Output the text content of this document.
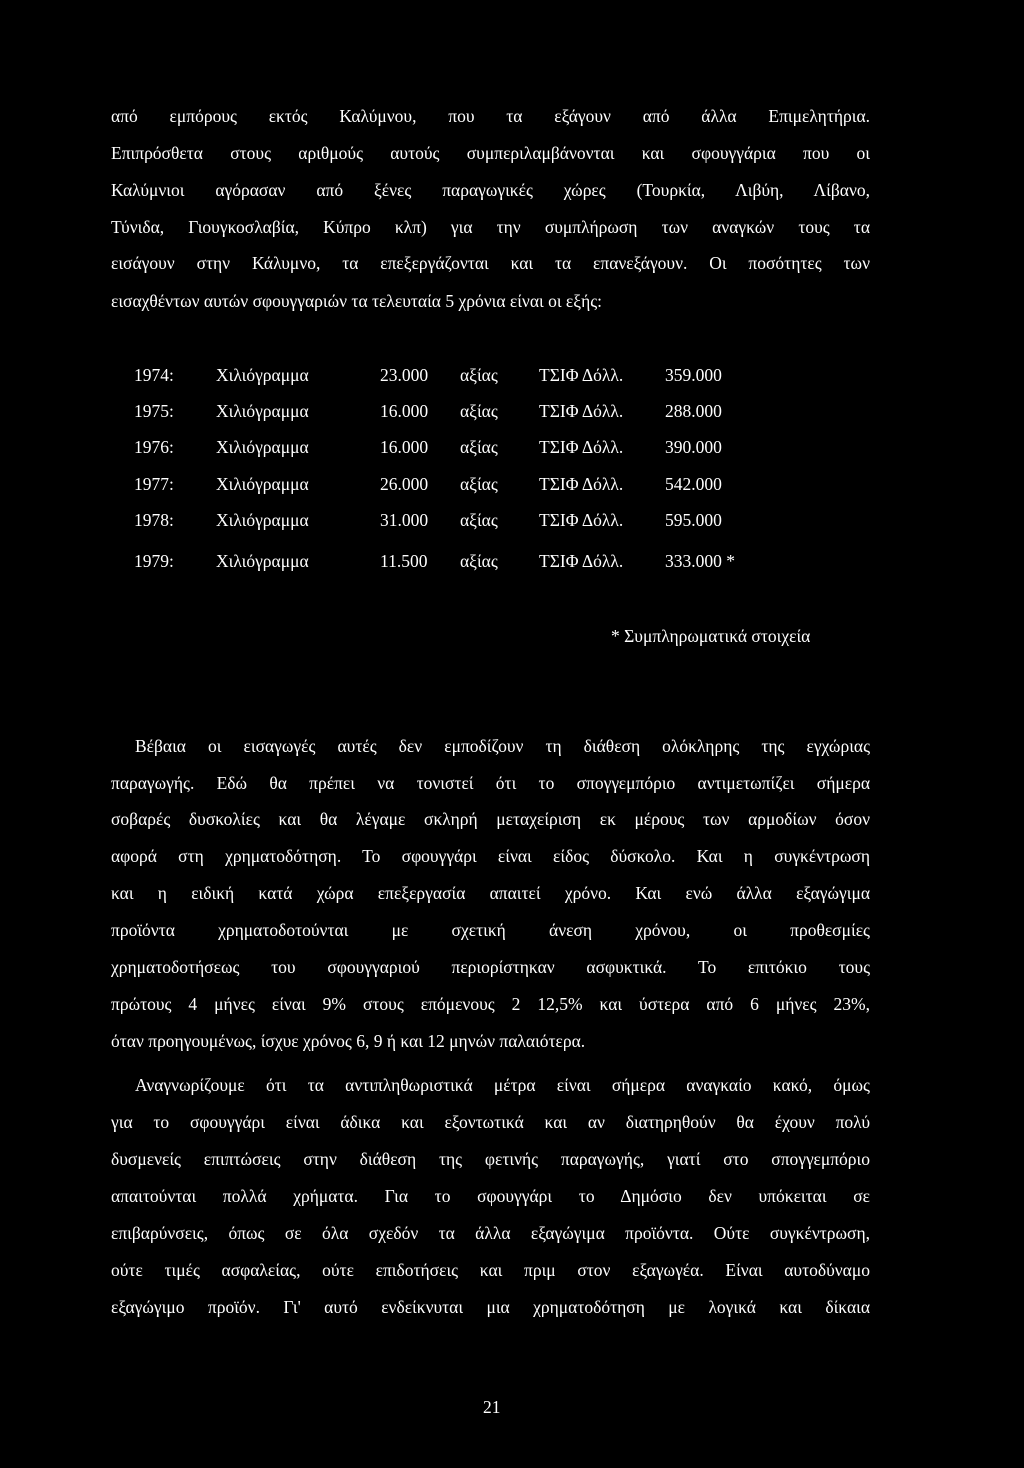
από εμπόρους εκτός Καλύμνου, που τα εξάγουν από άλλα Επιμελητήρια.
Επιπρόσθετα στους αριθμούς αυτούς συμπεριλαμβάνονται και σφουγγάρια που οι
Καλύμνιοι αγόρασαν από ξένες παραγωγικές χώρες (Τουρκία, Λιβύη, Λίβανο,
Τύνιδα, Γιουγκοσλαβία, Κύπρο κλπ) για την συμπλήρωση των αναγκών τους τα
εισάγουν στην Κάλυμνο, τα επεξεργάζονται και τα επανεξάγουν. Οι ποσότητες των
εισαχθέντων αυτών σφουγγαριών τα τελευταία 5 χρόνια είναι οι εξής:
1974: Χιλιόγραμμα	23.000 αξίας ΤΣΙΦ Δόλλ. 359.000
1975: Χιλιόγραμμα	16.000 αξίας ΤΣΙΦ Δόλλ. 288.000
1976: Χιλιόγραμμα	16.000 αξίας ΤΣΙΦ Δόλλ. 390.000
1977: Χιλιόγραμμα	26.000 αξίας ΤΣΙΦ Δόλλ. 542.000
1978: Χιλιόγραμμα	31.000 αξίας ΤΣΙΦ Δόλλ. 595.000
1979: Χιλιόγραμμα	11.500 αξίας ΤΣΙΦ Δόλλ. 333.000 *
* Συμπληρωματικά στοιχεία
Βέβαια οι εισαγωγές αυτές δεν εμποδίζουν τη διάθεση ολόκληρης της εγχώριας
παραγωγής. Εδώ θα πρέπει να τονιστεί ότι το σπογγεμπόριο αντιμετωπίζει σήμερα
σοβαρές δυσκολίες και θα λέγαμε σκληρή μεταχείριση εκ μέρους των αρμοδίων όσον
αφορά στη χρηματοδότηση. Το σφουγγάρι είναι είδος δύσκολο. Και η συγκέντρωση
και η ειδική κατά χώρα επεξεργασία απαιτεί χρόνο. Και ενώ άλλα εξαγώγιμα
προϊόντα χρηματοδοτούνται με σχετική άνεση χρόνου, οι προθεσμίες
χρηματοδοτήσεως του σφουγγαριού περιορίστηκαν ασφυκτικά. Το επιτόκιο τους
πρώτους 4 μήνες είναι 9% στους επόμενους 2 12,5% και ύστερα από 6 μήνες 23%,
όταν προηγουμένως, ίσχυε χρόνος 6, 9 ή και 12 μηνών παλαιότερα.
Αναγνωρίζουμε ότι τα αντιπληθωριστικά μέτρα είναι σήμερα αναγκαίο κακό, όμως
για το σφουγγάρι είναι άδικα και εξοντωτικά και αν διατηρηθούν θα έχουν πολύ
δυσμενείς επιπτώσεις στην διάθεση της φετινής παραγωγής, γιατί στο σπογγεμπόριο
απαιτούνται πολλά χρήματα. Για το σφουγγάρι το Δημόσιο δεν υπόκειται σε
επιβαρύνσεις, όπως σε όλα σχεδόν τα άλλα εξαγώγιμα προϊόντα. Ούτε συγκέντρωση,
ούτε τιμές ασφαλείας, ούτε επιδοτήσεις και πριμ στον εξαγωγέα. Είναι αυτοδύναμο
εξαγώγιμο προϊόν. Γι' αυτό ενδείκνυται μια χρηματοδότηση με λογικά και δίκαια
21
